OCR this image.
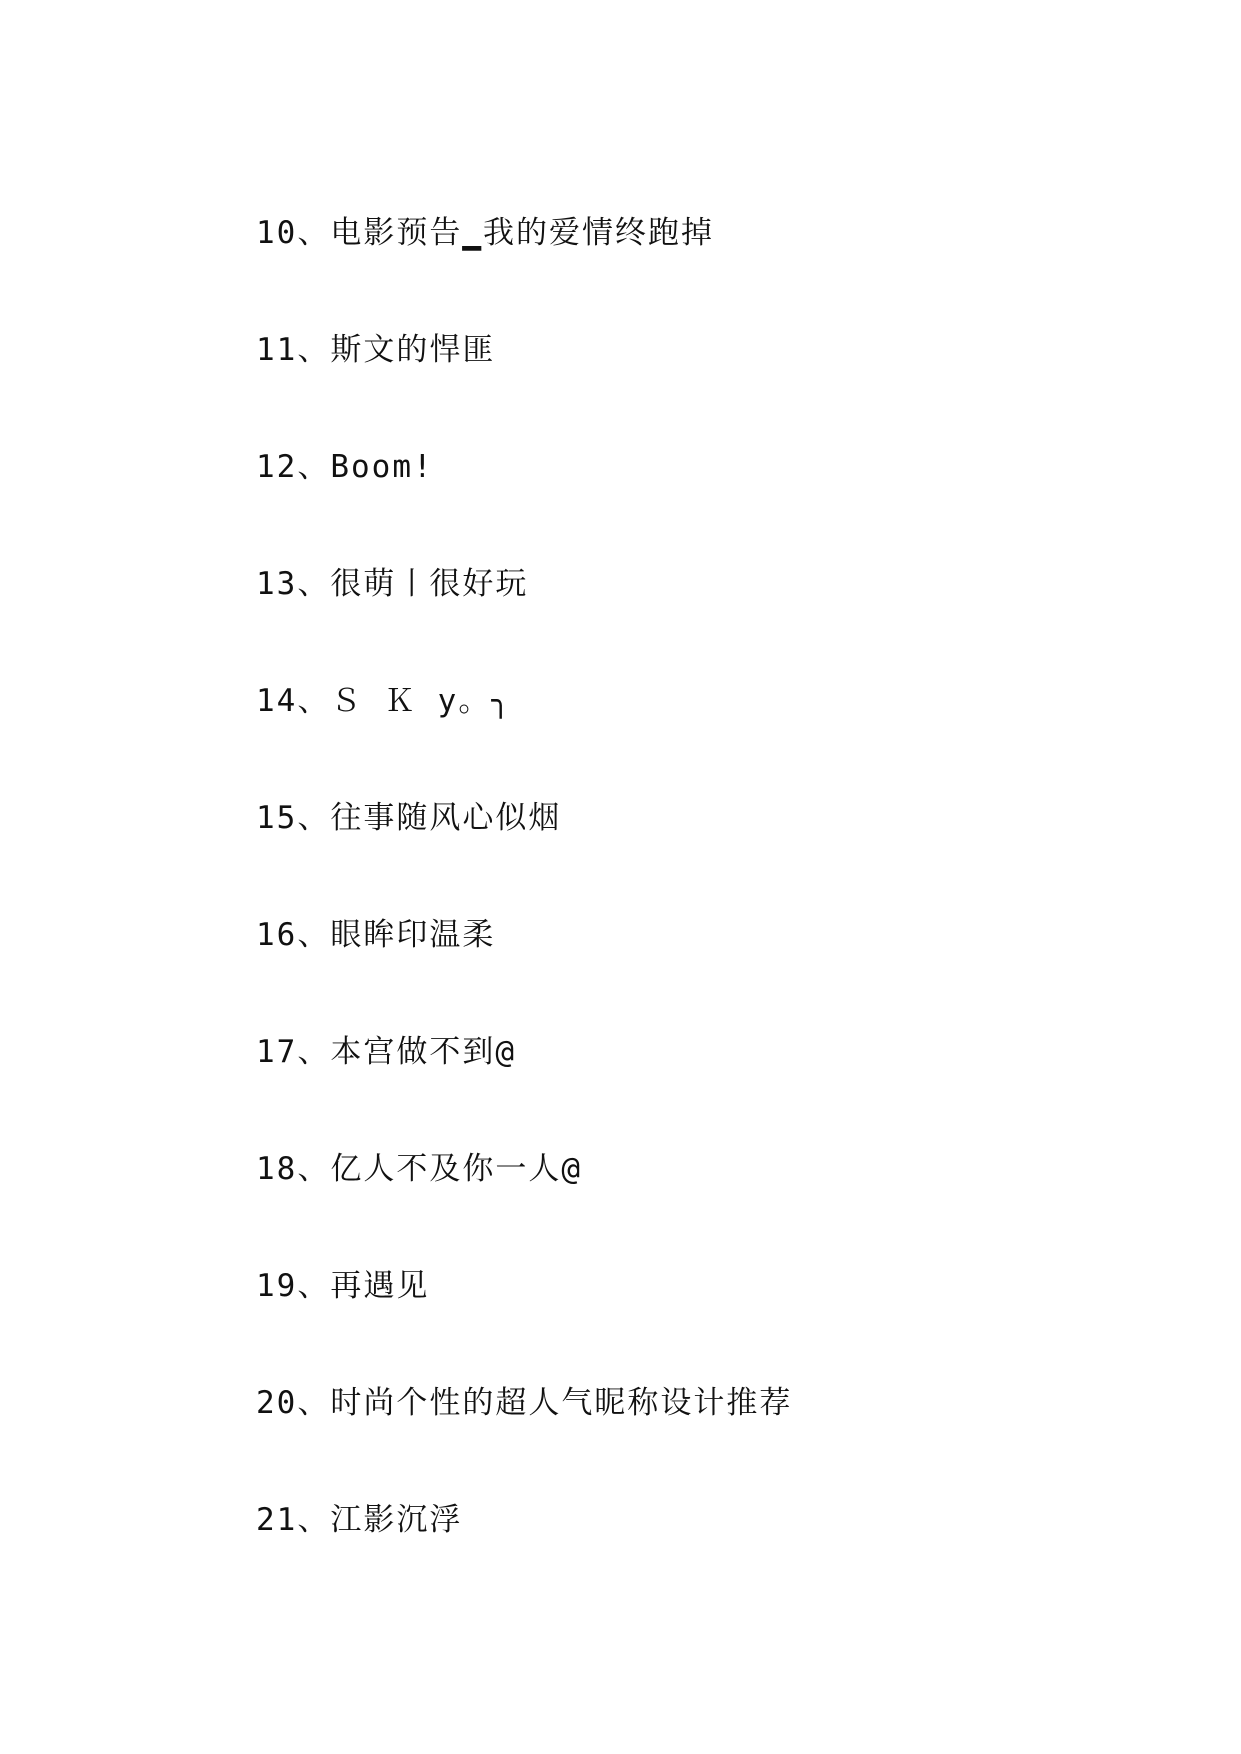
10、电影预告▁我的爱情终跑掉
11、斯文的悍匪
12、Boom!
13、很萌丨很好玩
14、Ｓ Ｋ y。╮
15、往事随风心似烟
16、眼眸印温柔
17、本宫做不到@
18、亿人不及你一人@
19、再遇见
20、时尚个性的超人气昵称设计推荐
21、江影沉浮
